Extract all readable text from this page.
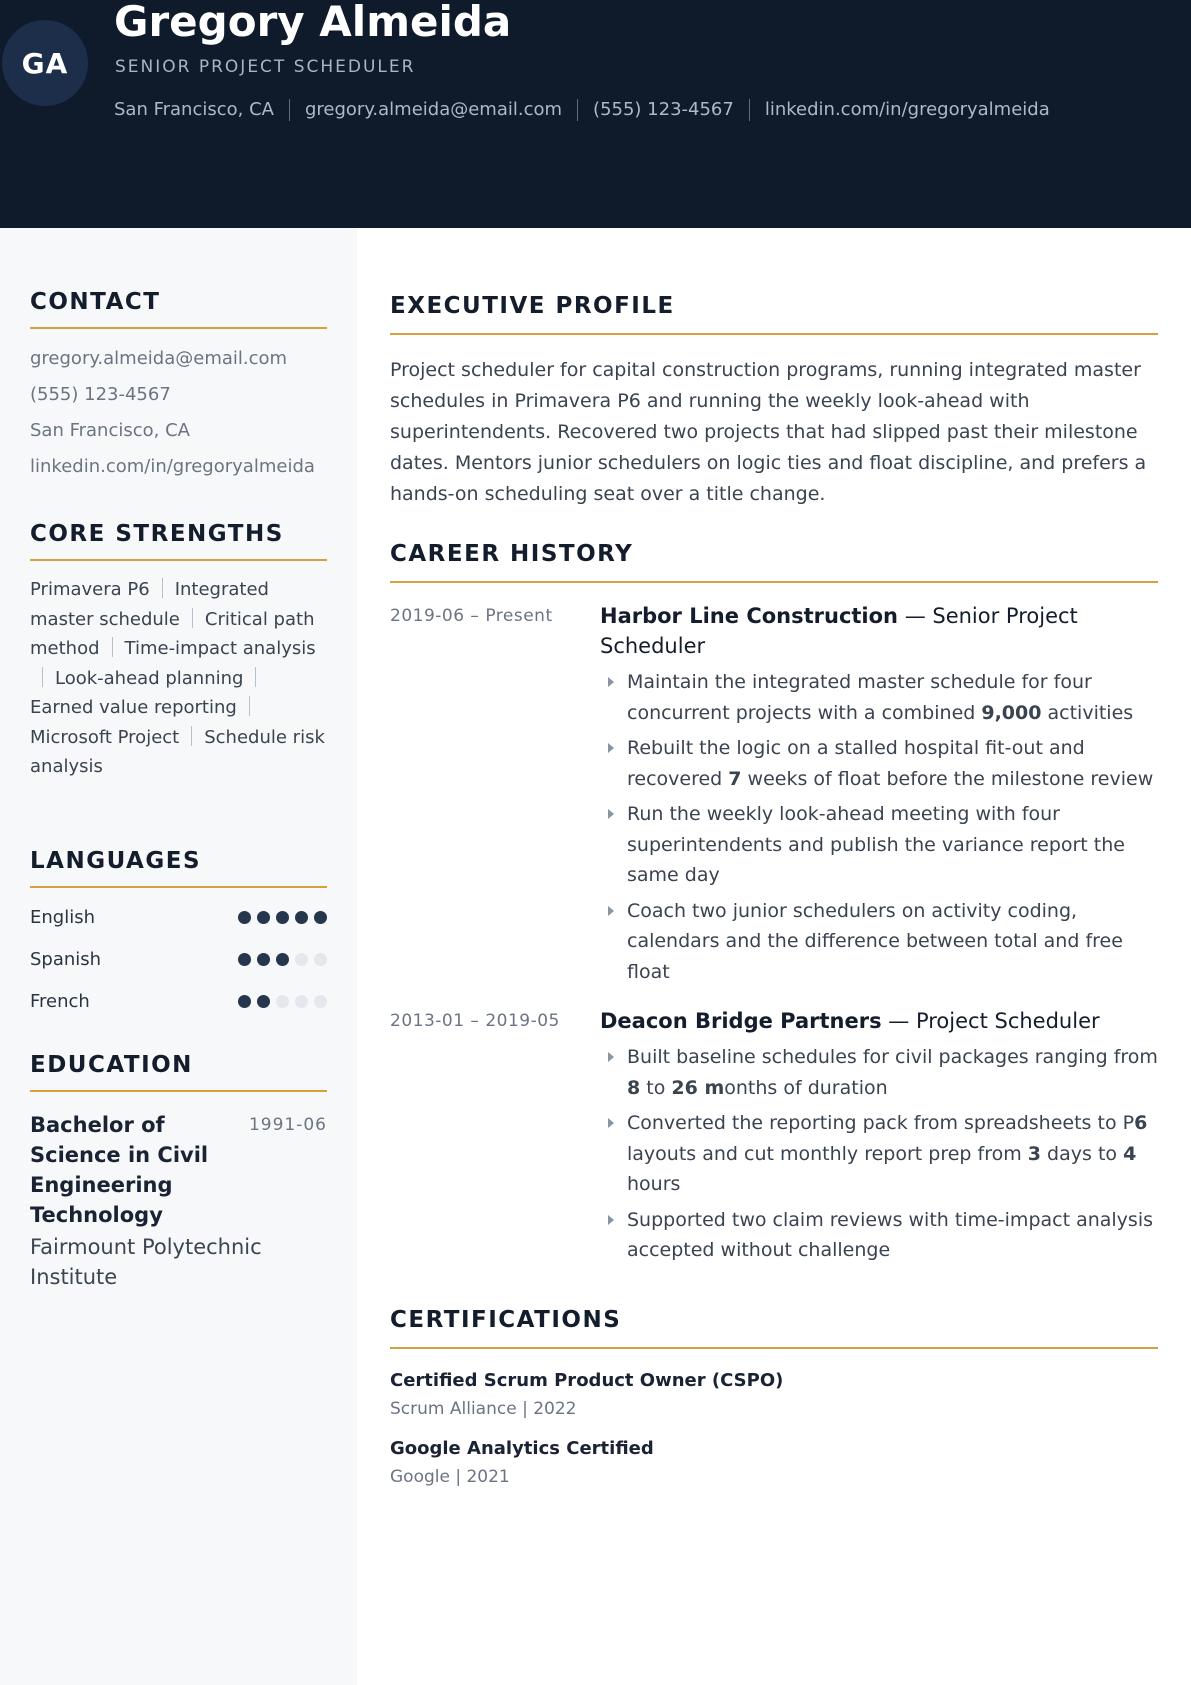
GA
Gregory Almeida
SENIOR PROJECT SCHEDULER
San Francisco, CA gregory.almeida@email.com (555) 123-4567 linkedin.com/in/gregoryalmeida
CONTACT
gregory.almeida@email.com
(555) 123-4567
San Francisco, CA
linkedin.com/in/gregoryalmeida
CORE STRENGTHS
Primavera P6 Integrated master schedule Critical path method Time-impact analysisLook-ahead planningEarned value reportingMicrosoft Project Schedule risk analysis
LANGUAGES
English
Spanish
French
EDUCATION
Bachelor of Science in Civil Engineering Technology
1991-06
Fairmount Polytechnic Institute
EXECUTIVE PROFILE
Project scheduler for capital construction programs, running integrated master schedules in Primavera P6 and running the weekly look-ahead with superintendents. Recovered two projects that had slipped past their milestone dates. Mentors junior schedulers on logic ties and float discipline, and prefers a hands-on scheduling seat over a title change.
CAREER HISTORY
2019-06 – Present	Harbor Line Construction — Senior Project Scheduler
Maintain the integrated master schedule for four concurrent projects with a combined 9,000 activities
Rebuilt the logic on a stalled hospital fit-out and recovered 7 weeks of float before the milestone review
Run the weekly look-ahead meeting with four superintendents and publish the variance report the same day
Coach two junior schedulers on activity coding, calendars and the difference between total and free float
2013-01 – 2019-05	Deacon Bridge Partners — Project Scheduler
Built baseline schedules for civil packages ranging from 8 to 26 months of duration
Converted the reporting pack from spreadsheets to P6 layouts and cut monthly report prep from 3 days to 4 hours
Supported two claim reviews with time-impact analysis accepted without challenge
CERTIFICATIONS
Certified Scrum Product Owner (CSPO)
Scrum Alliance | 2022
Google Analytics Certified
Google | 2021
